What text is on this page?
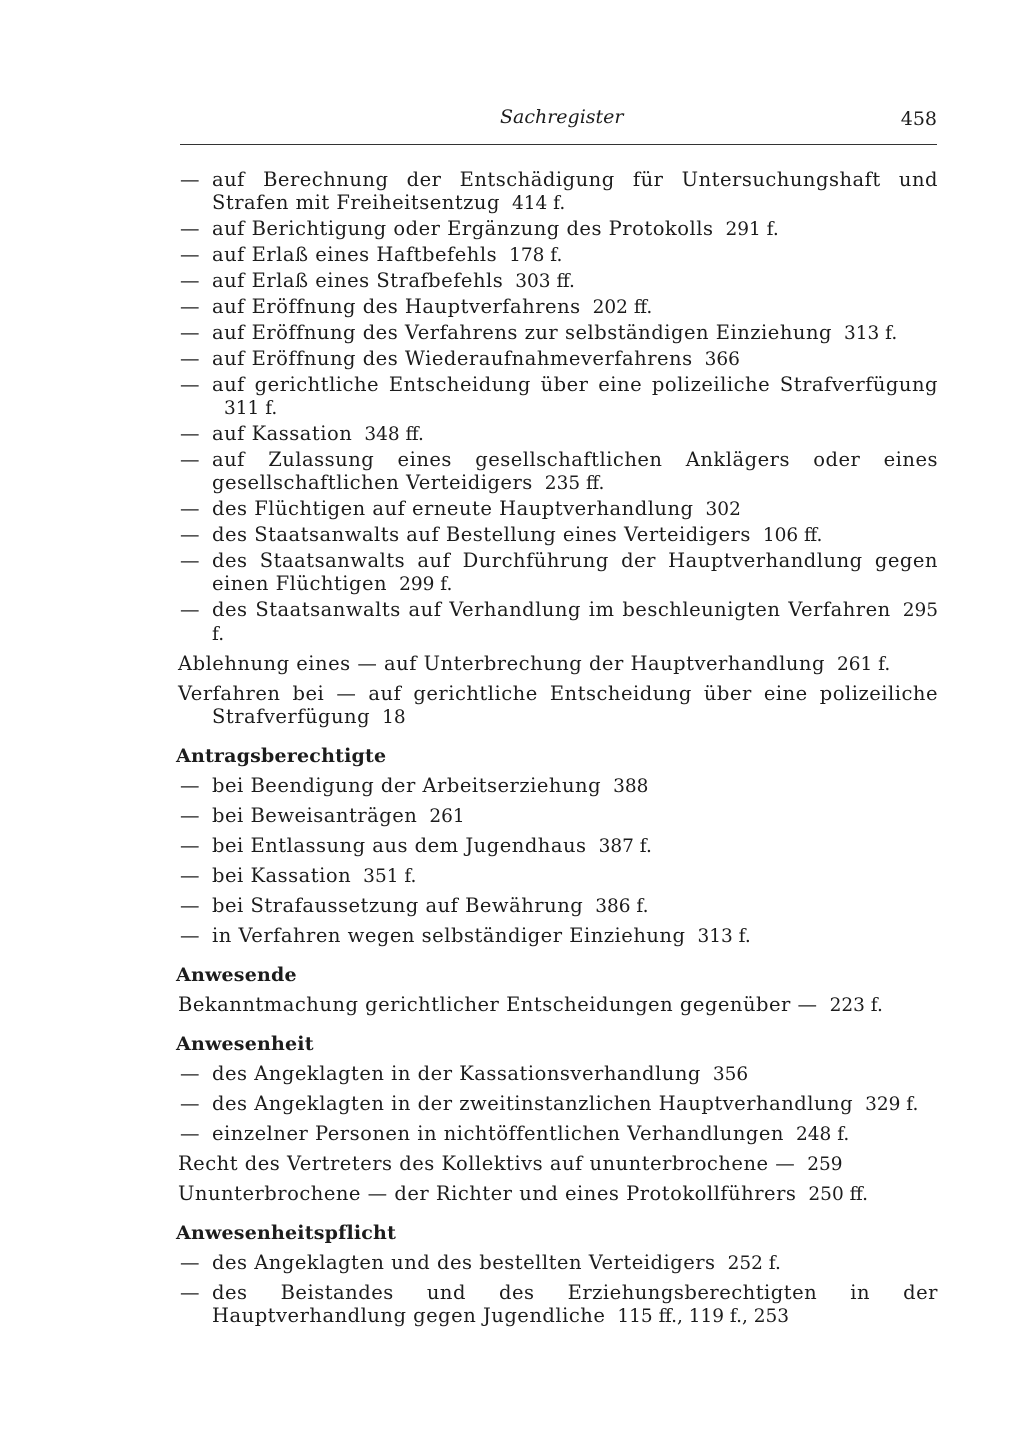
Sachregister	458
— auf Berechnung der Entschädigung für Untersuchungshaft und Strafen mit Freiheitsentzug 414 f.
— auf Berichtigung oder Ergänzung des Protokolls 291 f.
— auf Erlaß eines Haftbefehls 178 f.
— auf Erlaß eines Strafbefehls 303 ff.
— auf Eröffnung des Hauptverfahrens 202 ff.
— auf Eröffnung des Verfahrens zur selbständigen Einziehung 313 f.
— auf Eröffnung des Wiederaufnahmeverfahrens 366
— auf gerichtliche Entscheidung über eine polizeiliche Strafverfügung 311 f.
— auf Kassation 348 ff.
— auf Zulassung eines gesellschaftlichen Anklägers oder eines gesellschaftlichen Verteidigers 235 ff.
— des Flüchtigen auf erneute Hauptverhandlung 302
— des Staatsanwalts auf Bestellung eines Verteidigers 106 ff.
— des Staatsanwalts auf Durchführung der Hauptverhandlung gegen einen Flüchtigen 299 f.
— des Staatsanwalts auf Verhandlung im beschleunigten Verfahren 295 f.
Ablehnung eines — auf Unterbrechung der Hauptverhandlung 261 f.
Verfahren bei — auf gerichtliche Entscheidung über eine polizeiliche Strafverfügung 18
Antragsberechtigte
— bei Beendigung der Arbeitserziehung 388
— bei Beweisanträgen 261
— bei Entlassung aus dem Jugendhaus 387 f.
— bei Kassation 351 f.
— bei Strafaussetzung auf Bewährung 386 f.
— in Verfahren wegen selbständiger Einziehung 313 f.
Anwesende
Bekanntmachung gerichtlicher Entscheidungen gegenüber — 223 f.
Anwesenheit
— des Angeklagten in der Kassationsverhandlung 356
— des Angeklagten in der zweitinstanzlichen Hauptverhandlung 329 f.
— einzelner Personen in nichtöffentlichen Verhandlungen 248 f.
Recht des Vertreters des Kollektivs auf ununterbrochene — 259
Ununterbrochene — der Richter und eines Protokollführers 250 ff.
Anwesenheitspflicht
— des Angeklagten und des bestellten Verteidigers 252 f.
— des Beistandes und des Erziehungsberechtigten in der Hauptverhandlung gegen Jugendliche 115 ff., 119 f., 253
